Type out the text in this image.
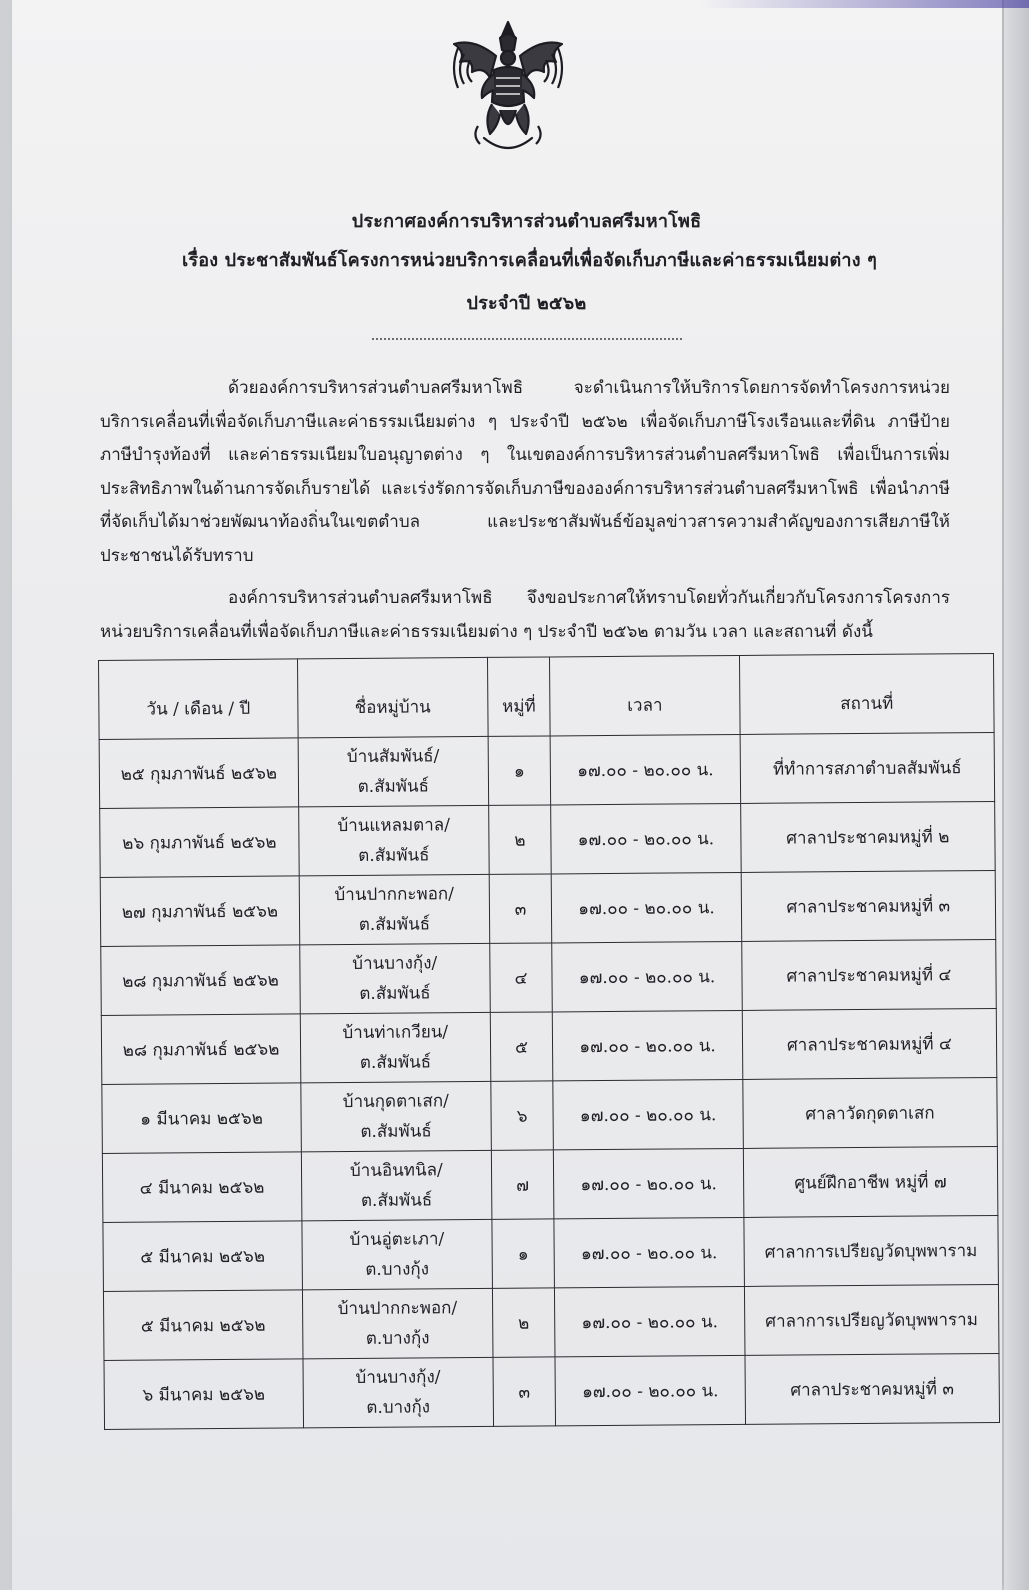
ประกาศองค์การบริหารส่วนตำบลศรีมหาโพธิ
เรื่อง ประชาสัมพันธ์โครงการหน่วยบริการเคลื่อนที่เพื่อจัดเก็บภาษีและค่าธรรมเนียมต่าง ๆ
ประจำปี ๒๕๖๒

ด้วยองค์การบริหารส่วนตำบลศรีมหาโพธิ จะดำเนินการให้บริการโดยการจัดทำโครงการหน่วยบริการเคลื่อนที่เพื่อจัดเก็บภาษีและค่าธรรมเนียมต่าง ๆ ประจำปี ๒๕๖๒ เพื่อจัดเก็บภาษีโรงเรือนและที่ดิน ภาษีป้าย ภาษีบำรุงท้องที่ และค่าธรรมเนียมใบอนุญาตต่าง ๆ ในเขตองค์การบริหารส่วนตำบลศรีมหาโพธิ เพื่อเป็นการเพิ่มประสิทธิภาพในด้านการจัดเก็บรายได้ และเร่งรัดการจัดเก็บภาษีขององค์การบริหารส่วนตำบลศรีมหาโพธิ เพื่อนำภาษีที่จัดเก็บได้มาช่วยพัฒนาท้องถิ่นในเขตตำบล และประชาสัมพันธ์ข้อมูลข่าวสารความสำคัญของการเสียภาษีให้ประชาชนได้รับทราบ

องค์การบริหารส่วนตำบลศรีมหาโพธิ จึงขอประกาศให้ทราบโดยทั่วกันเกี่ยวกับโครงการโครงการหน่วยบริการเคลื่อนที่เพื่อจัดเก็บภาษีและค่าธรรมเนียมต่าง ๆ ประจำปี ๒๕๖๒ ตามวัน เวลา และสถานที่ ดังนี้

วัน / เดือน / ปี	ชื่อหมู่บ้าน	หมู่ที่	เวลา	สถานที่
๒๕ กุมภาพันธ์ ๒๕๖๒	บ้านสัมพันธ์/
ต.สัมพันธ์	๑	๑๗.๐๐ - ๒๐.๐๐ น.	ที่ทำการสภาตำบลสัมพันธ์
๒๖ กุมภาพันธ์ ๒๕๖๒	บ้านแหลมตาล/
ต.สัมพันธ์	๒	๑๗.๐๐ - ๒๐.๐๐ น.	ศาลาประชาคมหมู่ที่ ๒
๒๗ กุมภาพันธ์ ๒๕๖๒	บ้านปากกะพอก/
ต.สัมพันธ์	๓	๑๗.๐๐ - ๒๐.๐๐ น.	ศาลาประชาคมหมู่ที่ ๓
๒๘ กุมภาพันธ์ ๒๕๖๒	บ้านบางกุ้ง/
ต.สัมพันธ์	๔	๑๗.๐๐ - ๒๐.๐๐ น.	ศาลาประชาคมหมู่ที่ ๔
๒๘ กุมภาพันธ์ ๒๕๖๒	บ้านท่าเกวียน/
ต.สัมพันธ์	๕	๑๗.๐๐ - ๒๐.๐๐ น.	ศาลาประชาคมหมู่ที่ ๔
๑ มีนาคม ๒๕๖๒	บ้านกุดตาเสก/
ต.สัมพันธ์	๖	๑๗.๐๐ - ๒๐.๐๐ น.	ศาลาวัดกุดตาเสก
๔ มีนาคม ๒๕๖๒	บ้านอินทนิล/
ต.สัมพันธ์	๗	๑๗.๐๐ - ๒๐.๐๐ น.	ศูนย์ฝึกอาชีพ หมู่ที่ ๗
๕ มีนาคม ๒๕๖๒	บ้านอู่ตะเภา/
ต.บางกุ้ง	๑	๑๗.๐๐ - ๒๐.๐๐ น.	ศาลาการเปรียญวัดบุพพาราม
๕ มีนาคม ๒๕๖๒	บ้านปากกะพอก/
ต.บางกุ้ง	๒	๑๗.๐๐ - ๒๐.๐๐ น.	ศาลาการเปรียญวัดบุพพาราม
๖ มีนาคม ๒๕๖๒	บ้านบางกุ้ง/
ต.บางกุ้ง	๓	๑๗.๐๐ - ๒๐.๐๐ น.	ศาลาประชาคมหมู่ที่ ๓
